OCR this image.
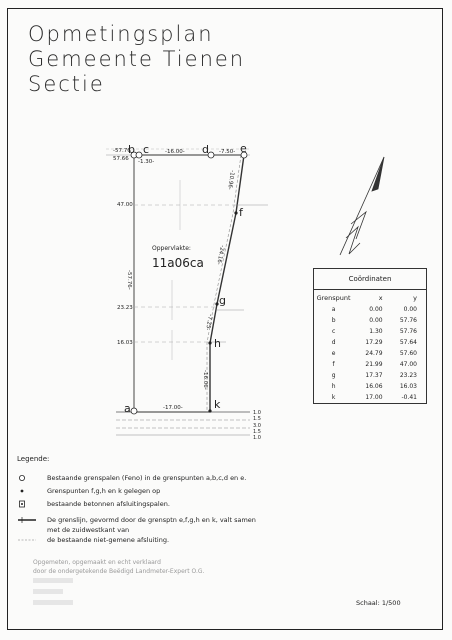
Opmetingsplan
Gemeente Tienen
Sectie
b c	d	e
f
g
h
a	k
-16.00-	-7.50-
-1.30-
-17.00-
-57.76-
-10.96-
-24.16-
-7.25-
-16.06-
-57.76
57.66
47.00
23.23
16.03
1.0
1.5
3.0
1.5
1.0
Oppervlakte:
11a06ca
Coördinaten
Grenspunt	x	y
a	0.00	0.00
b	0.00	57.76
c	1.30	57.76
d	17.29	57.64
e	24.79	57.60
f	21.99	47.00
g	17.37	23.23
h	16.06	16.03
k	17.00	-0.41
Legende:
Bestaande grenspalen (Feno) in de grenspunten a,b,c,d en e.
Grenspunten f,g,h en k gelegen op
bestaande betonnen afsluitingspalen.
De grenslijn, gevormd door de grensptn e,f,g,h en k, valt samen
met de zuidwestkant van
de bestaande niet-gemene afsluiting.
Opgemeten, opgemaakt en echt verklaard
door de ondergetekende Beëdigd Landmeter-Expert O.G.
Schaal: 1/500
